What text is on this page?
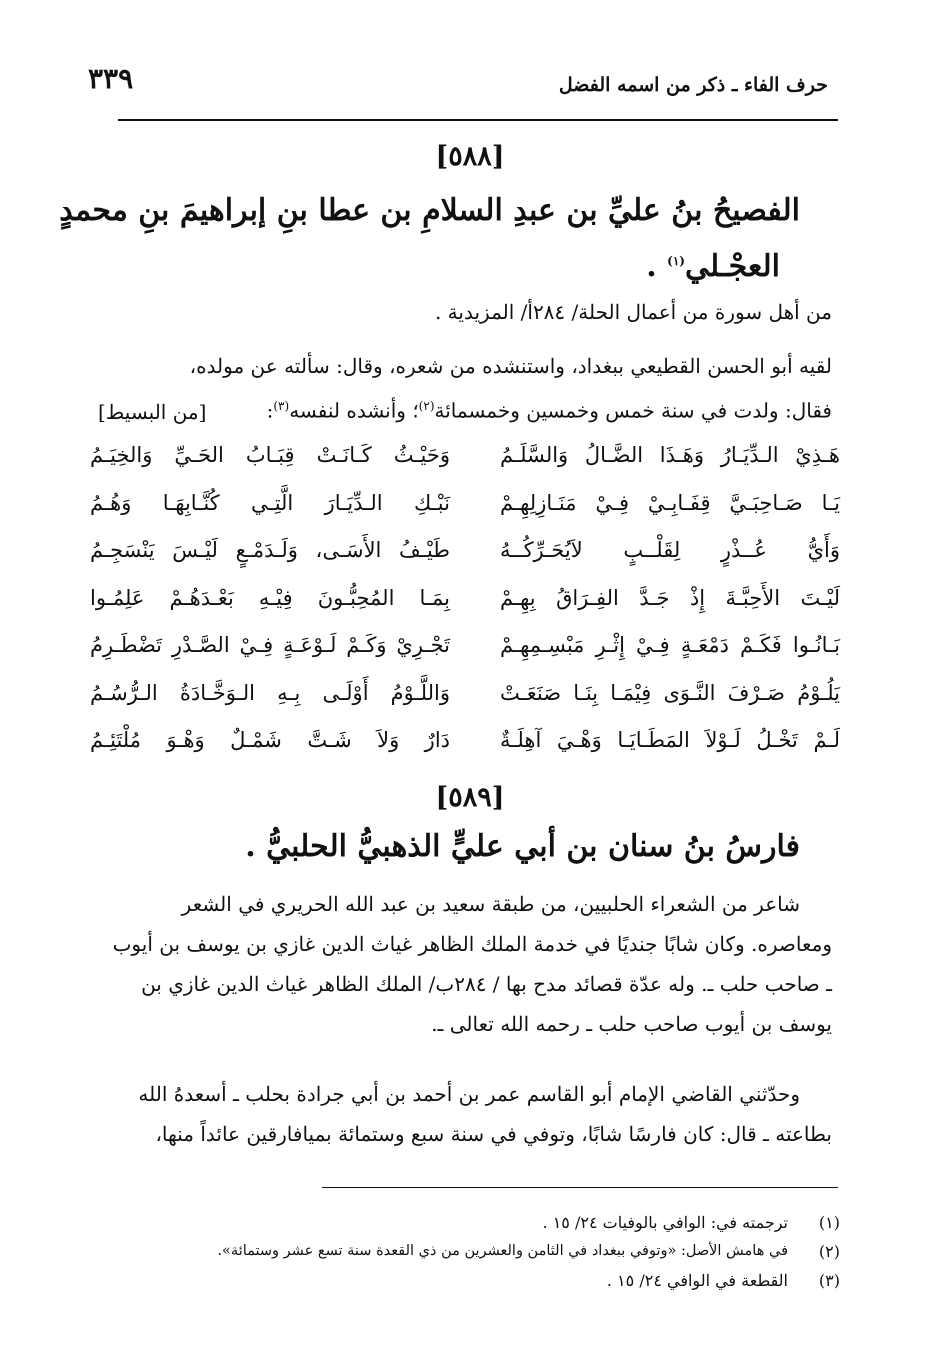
حرف الفاء ـ ذكر من اسمه الفضل
٣٣٩
[٥٨٨]
الفصيحُ بنُ عليِّ بن عبدِ السلامِ بن عطا بنِ إبراهيمَ بنِ محمدٍ
العجْـلي$^{(١)}$ .
من أهل سورة من أعمال الحلة/ ٢٨٤أ/ المزيدية .
لقيه أبو الحسن القطيعي ببغداد، واستنشده من شعره، وقال: سألته عن مولده،
فقال: ولدت في سنة خمس وخمسين وخمسمائة$^{(٢)}$؛ وأنشده لنفسه$^{(٣)}$:
[من البسيط]
هَـذِيْ الـدِّيَـارُ وَهَـذَا الضَّـالُ وَالسَّلَـمُ
وَحَيْـثُ كَـانَـتْ قِبَـابُ الحَـيِّ وَالخِيَـمُ
يَـا صَـاحِبَـيَّ قِفَـابِـيْ فِـيْ مَنَـازِلِهِـمْ
نَبْـكِ الـدِّيَـارَ الَّتِـي كُنَّـابِهَـا وَهُـمُ
وَأَيُّ عُــذْرٍ لِقَلْــبٍ لاَيُحَـرِّكُــهُ
طَيْـفُ الأَسَـى، وَلَـدَمْـعٍ لَيْـسَ يَنْسَجِـمُ
لَيْـتَ الأَحِبَّـةَ إِذْ جَـدَّ الفِـرَاقُ بِهِـمْ
بِمَـا المُحِبُّـونَ فِيْـهِ بَعْـدَهُـمْ عَلِمُـوا
بَـانُـوا فَكَـمْ دَمْعَـةٍ فِـيْ إِثْـرِ مَبْسِـمِهِـمْ
تَجْـرِيْ وَكَـمْ لَـوْعَـةٍ فِـيْ الصَّـدْرِ تَضْطَـرِمُ
يَلُـوْمُ صَـرْفَ النَّـوَى فِيْمَـا بِنَـا صَنَعَـتْ
وَاللَّـوْمُ أَوْلَـى بِـهِ الـوَخَّـادَةُ الـرُّسُـمُ
لَـمْ تَخْـلُ لَـوْلاَ المَطَـايَـا وَهْـيَ آهِلَـةٌ
دَارٌ وَلاَ شَـتَّ شَمْـلٌ وَهْـوَ مُلْتَئِـمُ
[٥٨٩]
فارسُ بنُ سنان بن أبي عليٍّ الذهبيُّ الحلبيُّ .
شاعر من الشعراء الحلبيين، من طبقة سعيد بن عبد الله الحريري في الشعر
ومعاصره. وكان شابًا جنديًا في خدمة الملك الظاهر غياث الدين غازي بن يوسف بن أيوب
ـ صاحب حلب ـ. وله عدّة قصائد مدح بها / ٢٨٤ب/ الملك الظاهر غياث الدين غازي بن
يوسف بن أيوب صاحب حلب ـ رحمه الله تعالى ـ.
وحدّثني القاضي الإمام أبو القاسم عمر بن أحمد بن أبي جرادة بحلب ـ أسعدهُ الله
بطاعته ـ قال: كان فارسًا شابًا، وتوفي في سنة سبع وستمائة بميافارقين عائداً منها،
(١)
ترجمته في: الوافي بالوفيات ٢٤/ ١٥ .
(٢)
في هامش الأصل: «وتوفي ببغداد في الثامن والعشرين من ذي القعدة سنة تسع عشر وستمائة».
(٣)
القطعة في الوافي ٢٤/ ١٥ .
